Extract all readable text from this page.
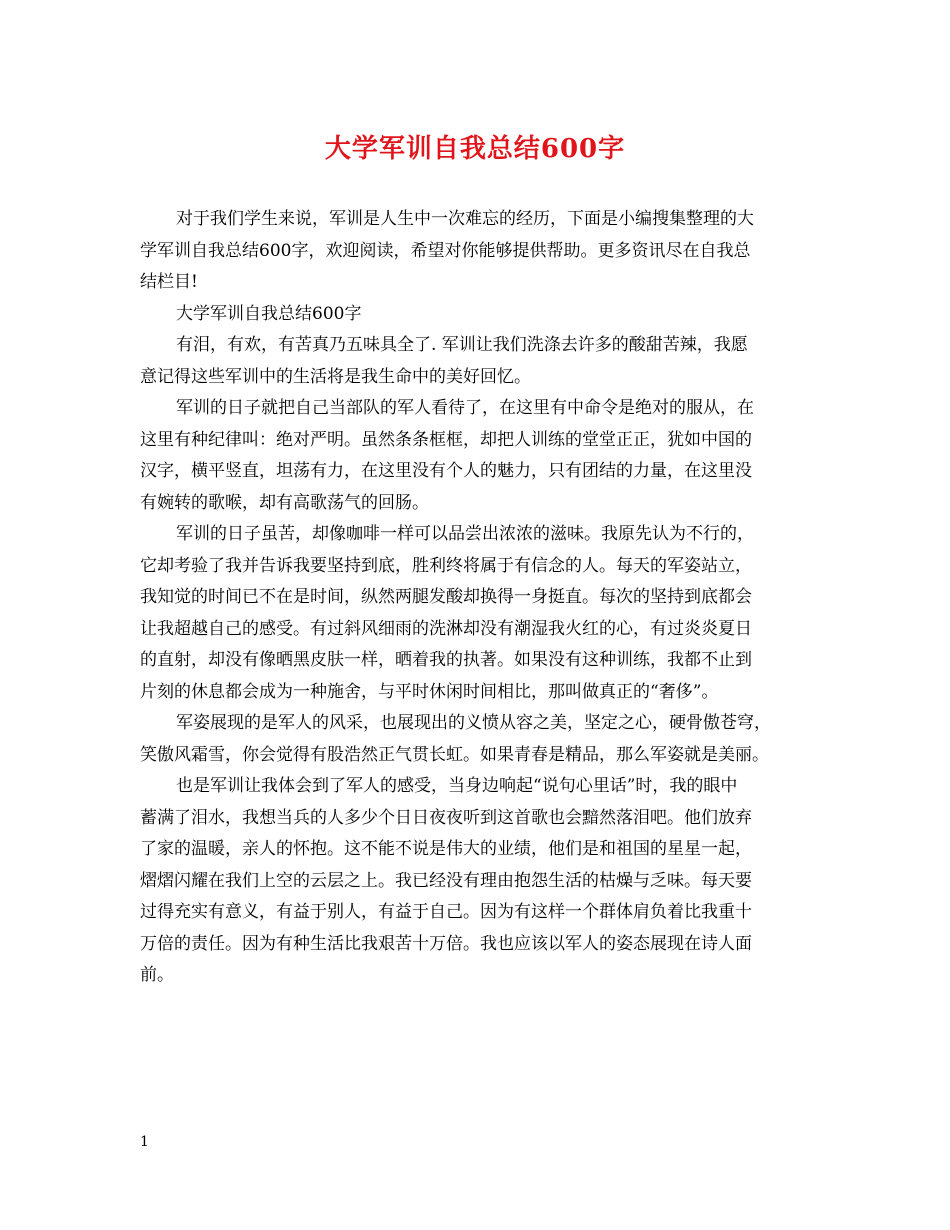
大学军训自我总结600字
对于我们学生来说，军训是人生中一次难忘的经历，下面是小编搜集整理的大
学军训自我总结600字，欢迎阅读，希望对你能够提供帮助。更多资讯尽在自我总
结栏目!
大学军训自我总结600字
有泪，有欢，有苦真乃五味具全了. 军训让我们洗涤去许多的酸甜苦辣，我愿
意记得这些军训中的生活将是我生命中的美好回忆。
军训的日子就把自己当部队的军人看待了，在这里有中命令是绝对的服从，在
这里有种纪律叫：绝对严明。虽然条条框框，却把人训练的堂堂正正，犹如中国的
汉字，横平竖直，坦荡有力，在这里没有个人的魅力，只有团结的力量，在这里没
有婉转的歌喉，却有高歌荡气的回肠。
军训的日子虽苦，却像咖啡一样可以品尝出浓浓的滋味。我原先认为不行的，
它却考验了我并告诉我要坚持到底，胜利终将属于有信念的人。每天的军姿站立，
我知觉的时间已不在是时间，纵然两腿发酸却换得一身挺直。每次的坚持到底都会
让我超越自己的感受。有过斜风细雨的洗淋却没有潮湿我火红的心，有过炎炎夏日
的直射，却没有像晒黑皮肤一样，晒着我的执著。如果没有这种训练，我都不止到
片刻的休息都会成为一种施舍，与平时休闲时间相比，那叫做真正的“奢侈”。
军姿展现的是军人的风采，也展现出的义愤从容之美，坚定之心，硬骨傲苍穹，
笑傲风霜雪，你会觉得有股浩然正气贯长虹。如果青春是精品，那么军姿就是美丽。
也是军训让我体会到了军人的感受，当身边响起“说句心里话”时，我的眼中
蓄满了泪水，我想当兵的人多少个日日夜夜听到这首歌也会黯然落泪吧。他们放弃
了家的温暖，亲人的怀抱。这不能不说是伟大的业绩，他们是和祖国的星星一起，
熠熠闪耀在我们上空的云层之上。我已经没有理由抱怨生活的枯燥与乏味。每天要
过得充实有意义，有益于别人，有益于自己。因为有这样一个群体肩负着比我重十
万倍的责任。因为有种生活比我艰苦十万倍。我也应该以军人的姿态展现在诗人面
前。
1
